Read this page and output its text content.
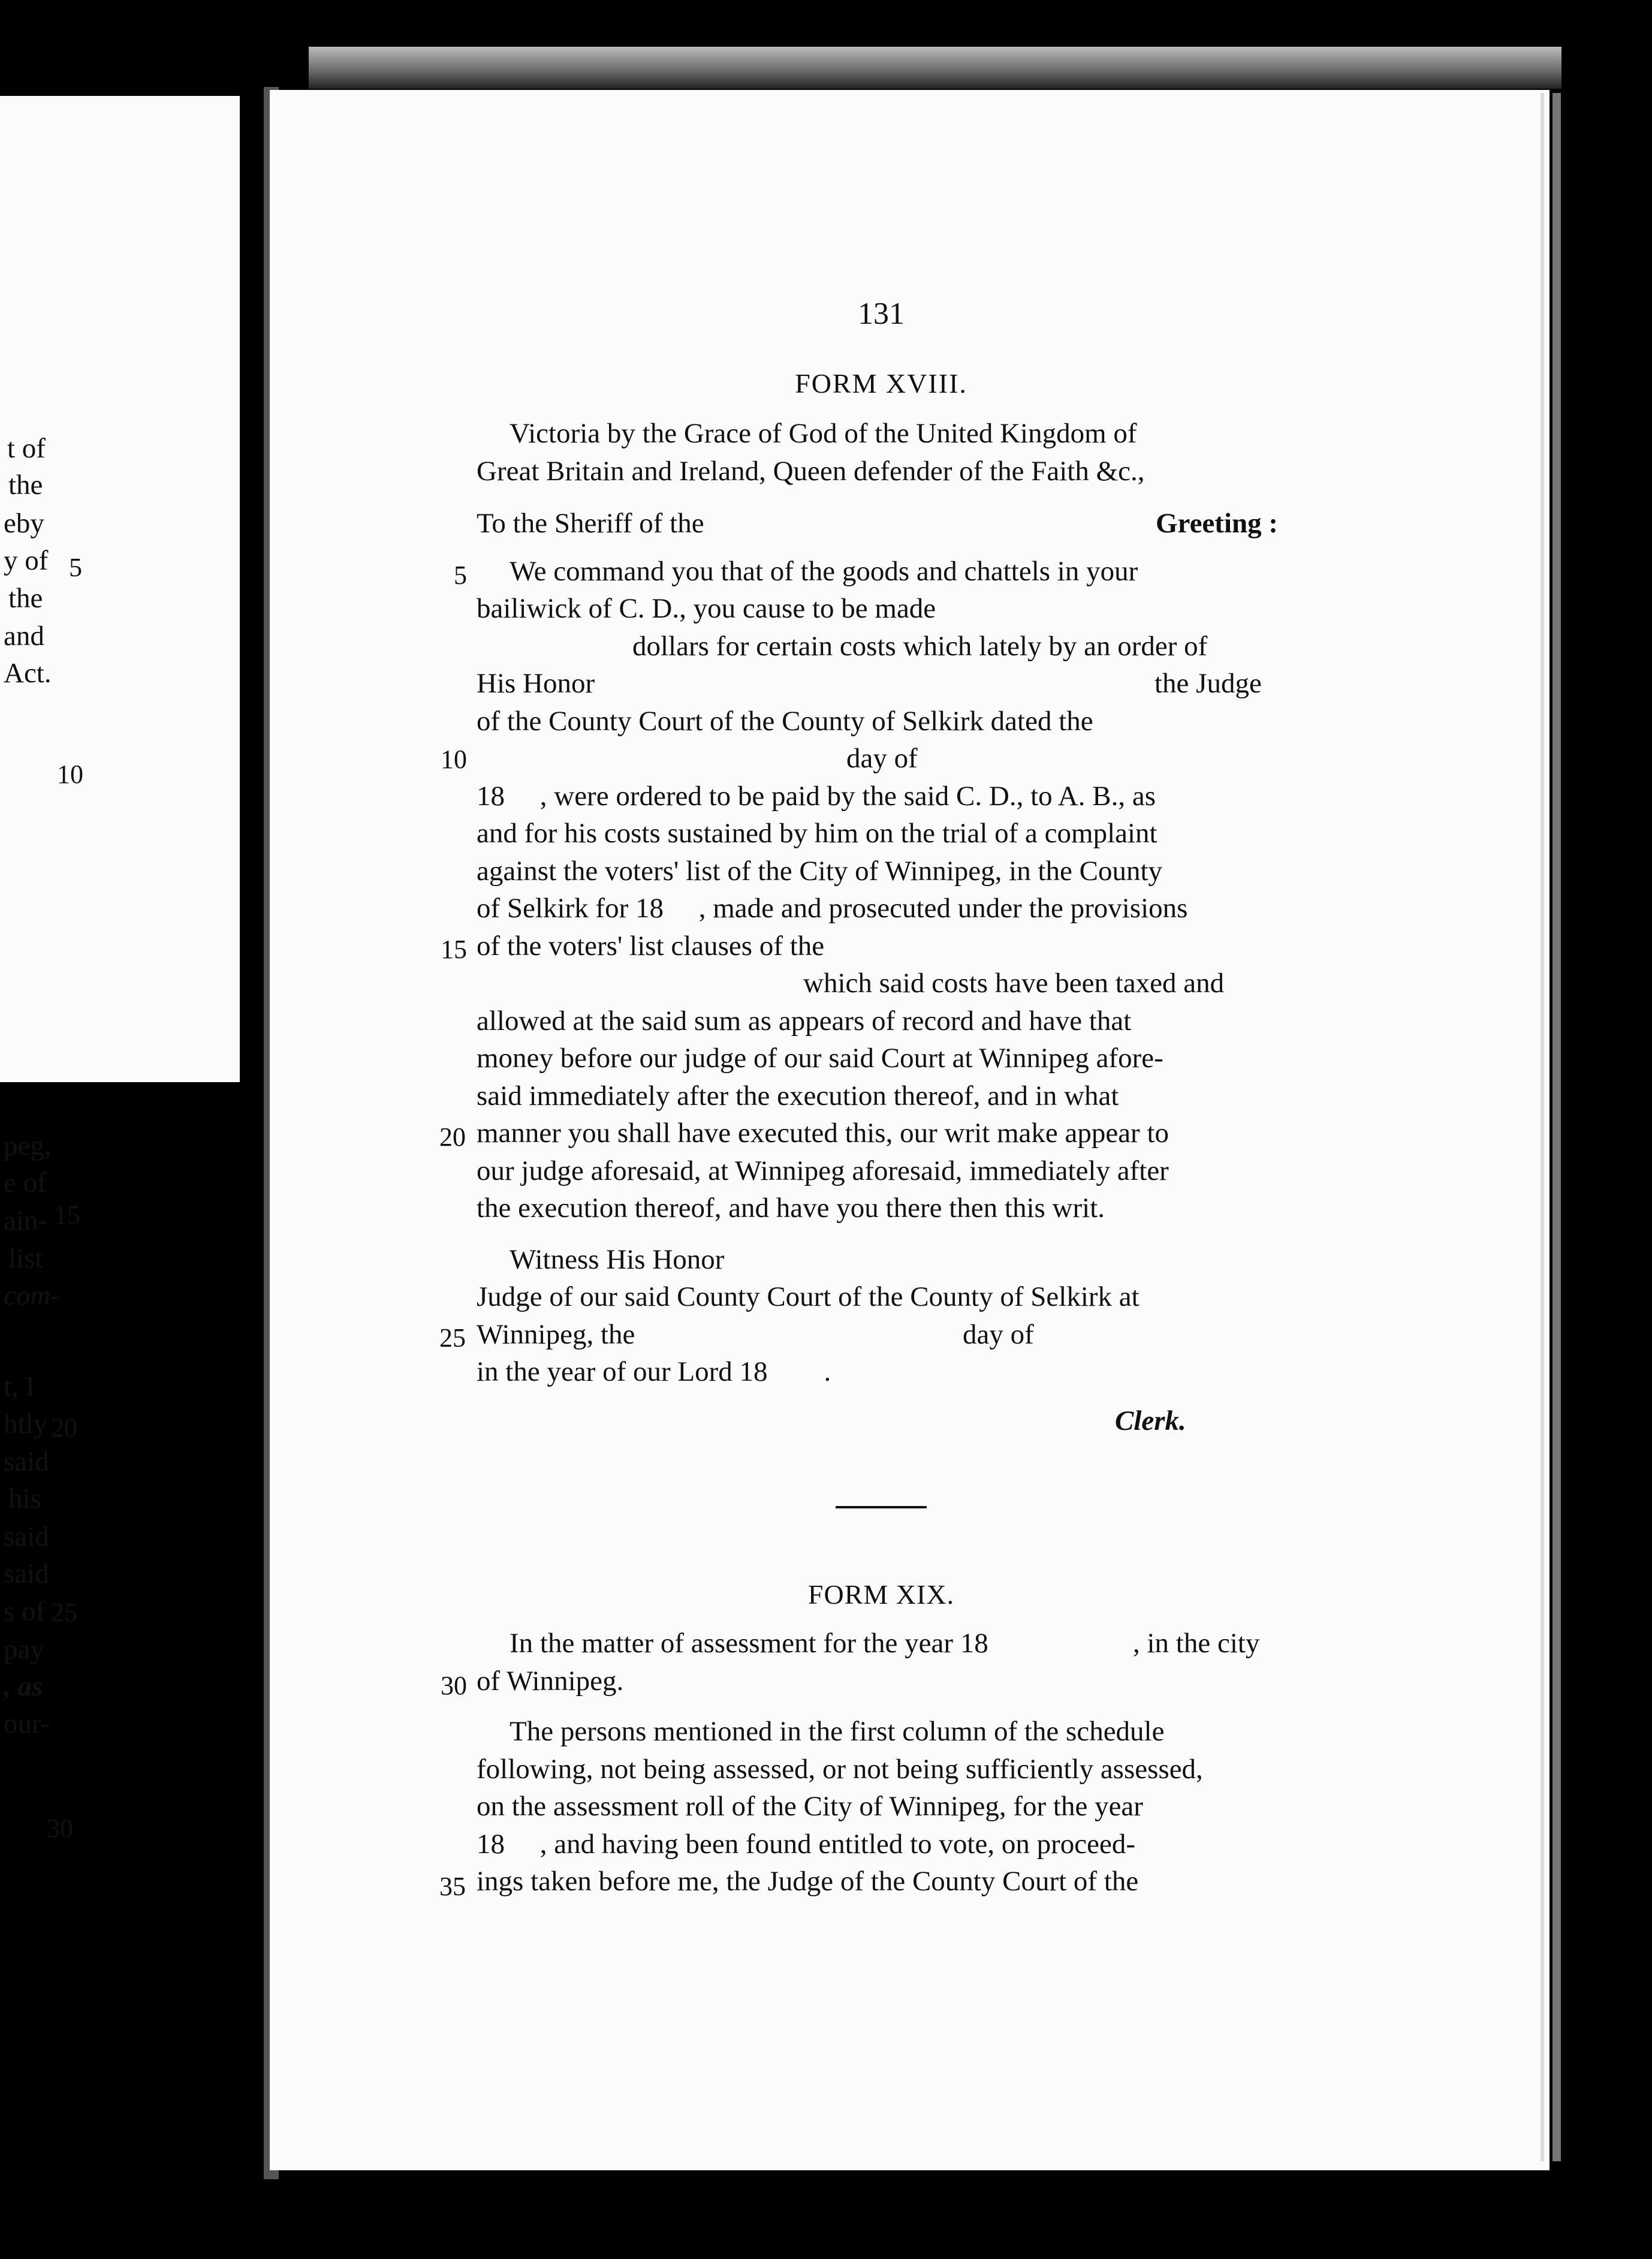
t of
the
eby
y of
the
and
Act.
peg,
e of
ain-
list
com-
t, I
htly
said
his
said
said
s of
pay
, as
our-
5
10
15
20
25
30
131
FORM XVIII.
Victoria by the Grace of God of the United Kingdom of
Great Britain and Ireland, Queen defender of the Faith &c.,
To the Sheriff of the	Greeting :
We command you that of the goods and chattels in your
bailiwick of C. D., you cause to be made
dollars for certain costs which lately by an order of
His Honor	the Judge
of the County Court of the County of Selkirk dated the
day of
18     , were ordered to be paid by the said C. D., to A. B., as
and for his costs sustained by him on the trial of a complaint
against the voters' list of the City of Winnipeg, in the County
of Selkirk for 18     , made and prosecuted under the provisions
of the voters' list clauses of the
which said costs have been taxed and
allowed at the said sum as appears of record and have that
money before our judge of our said Court at Winnipeg afore-
said immediately after the execution thereof, and in what
manner you shall have executed this, our writ make appear to
our judge aforesaid, at Winnipeg aforesaid, immediately after
the execution thereof, and have you there then this writ.
Witness His Honor
Judge of our said County Court of the County of Selkirk at
Winnipeg, the	day of
in the year of our Lord 18        .
Clerk.
FORM XIX.
In the matter of assessment for the year 18	, in the city
of Winnipeg.
The persons mentioned in the first column of the schedule
following, not being assessed, or not being sufficiently assessed,
on the assessment roll of the City of Winnipeg, for the year
18     , and having been found entitled to vote, on proceed-
ings taken before me, the Judge of the County Court of the
5
10
15
20
25
30
35
